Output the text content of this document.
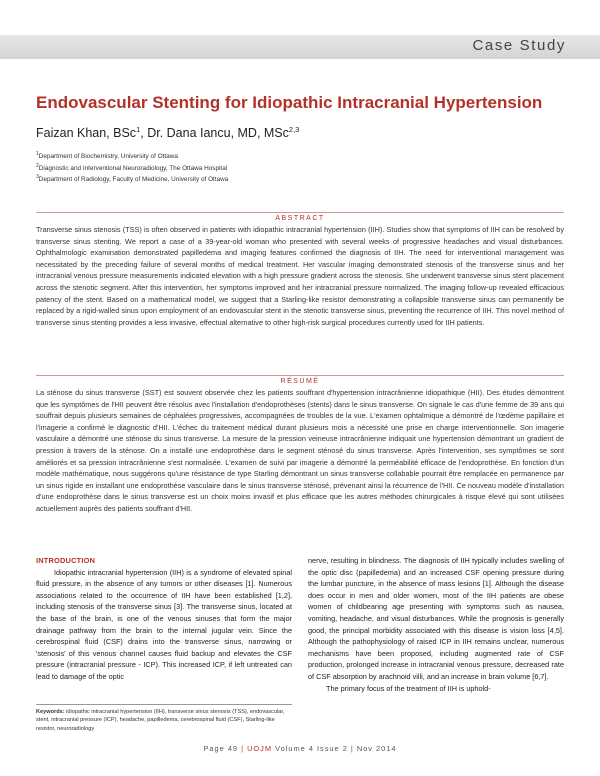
Case Study
Endovascular Stenting for Idiopathic Intracranial Hypertension
Faizan Khan, BSc$^1$, Dr. Dana Iancu, MD, MSc$^{2,3}$
$^1$Department of Biochemistry, University of Ottawa
$^2$Diagnostic and Interventional Neuroradiology, The Ottawa Hospital
$^3$Department of Radiology, Faculty of Medicine, University of Ottawa
$^{ABSTRACT}$
Transverse sinus stenosis (TSS) is often observed in patients with idiopathic intracranial hypertension (IIH). Studies show that symptoms of IIH can be resolved by transverse sinus stenting. We report a case of a 39-year-old woman who presented with several weeks of progressive headaches and visual disturbances. Ophthalmologic examination demonstrated papilledema and imaging features confirmed the diagnosis of IIH. The need for interventional management was necessitated by the preceding failure of several months of medical treatment. Her vascular imaging demonstrated stenosis of the transverse sinus and her intracranial venous pressure measurements indicated elevation with a high pressure gradient across the stenosis. She underwent transverse sinus stent placement across the stenotic segment. After this intervention, her symptoms improved and her intracranial pressure normalized. The imaging follow-up revealed efficacious patency of the stent. Based on a mathematical model, we suggest that a Starling-like resistor demonstrating a collapsible transverse sinus can permanently be replaced by a rigid-walled sinus upon employment of an endovascular stent in the stenotic transverse sinus, preventing the recurrence of IIH. This novel method of transverse sinus stenting provides a less invasive, effectual alternative to other high-risk surgical procedures currently used for IIH patients.
$^{RÉSUMÉ}$
La sténose du sinus transverse (SST) est souvent observée chez les patients souffrant d'hypertension intracrânienne idiopathique (HII). Des études démontrent que les symptômes de l'HII peuvent être résolus avec l'installation d'endoprothèses (stents) dans le sinus transverse. On signale le cas d'une femme de 39 ans qui souffrait depuis plusieurs semaines de céphalées progressives, accompagnées de troubles de la vue. L'examen ophtalmique a démontré de l'œdème papillaire et l'imagerie a confirmé le diagnostic d'HII. L'échec du traitement médical durant plusieurs mois a nécessité une prise en charge interventionnelle. Son imagerie vasculaire a démontré une sténose du sinus transverse. La mesure de la pression veineuse intracrânienne indiquait une hypertension démontrant un gradient de pression à travers de la sténose. On a installé une endoprothèse dans le segment sténosé du sinus transverse. Après l'intervention, ses symptômes se sont améliorés et sa pression intracrânienne s'est normalisée. L'examen de suivi par imagerie a démontré la perméabilité efficace de l'endoprothèse. En fonction d'un modèle mathématique, nous suggérons qu'une résistance de type Starling démontrant un sinus transverse collabable pourrait être remplacée en permanence par un sinus rigide en installant une endoprothèse vasculaire dans le sinus transverse sténosé, prévenant ainsi la récurrence de l'HII. Ce nouveau modèle d'installation d'une endoprothèse dans le sinus transverse est un choix moins invasif et plus efficace que les autres méthodes chirurgicales à risque élevé qui sont utilisées actuellement auprès des patients souffrant d'HII.
INTRODUCTION

Idiopathic intracranial hypertension (IIH) is a syndrome of elevated spinal fluid pressure, in the absence of any tumors or other diseases [1]. Numerous associations related to the occurrence of IIH have been established [1,2], including stenosis of the transverse sinus [3]. The transverse sinus, located at the base of the brain, is one of the venous sinuses that form the major drainage pathway from the brain to the internal jugular vein. Since the cerebrospinal fluid (CSF) drains into the transverse sinus, narrowing or 'stenosis' of this venous channel causes fluid backup and elevates the CSF pressure (intracranial pressure - ICP). This increased ICP, if left untreated can lead to damage of the optic

nerve, resulting in blindness. The diagnosis of IIH typically includes swelling of the optic disc (papilledema) and an increased CSF opening pressure during the lumbar puncture, in the absence of mass lesions [1]. Although the disease does occur in men and older women, most of the IIH patients are obese women of childbearing age presenting with symptoms such as nausea, vomiting, headache, and visual disturbances. While the prognosis is generally good, the principal morbidity associated with this disease is vision loss [4,5]. Although the pathophysiology of raised ICP in IIH remains unclear, numerous mechanisms have been proposed, including augmented rate of CSF production, prolonged increase in intracranial venous pressure, decreased rate of CSF absorption by arachnoid villi, and an increase in brain volume [6,7].

The primary focus of the treatment of IIH is uphold-

Keywords: idiopathic intracranial hypertension (IIH), transverse sinus stenosis (TSS), endovascular, stent, intracranial pressure (ICP), headache, papilledema, cerebrospinal fluid (CSF), Starling-like resistor, neuroradiology
Page 49 | UOJM Volume 4 Issue 2 | Nov 2014
